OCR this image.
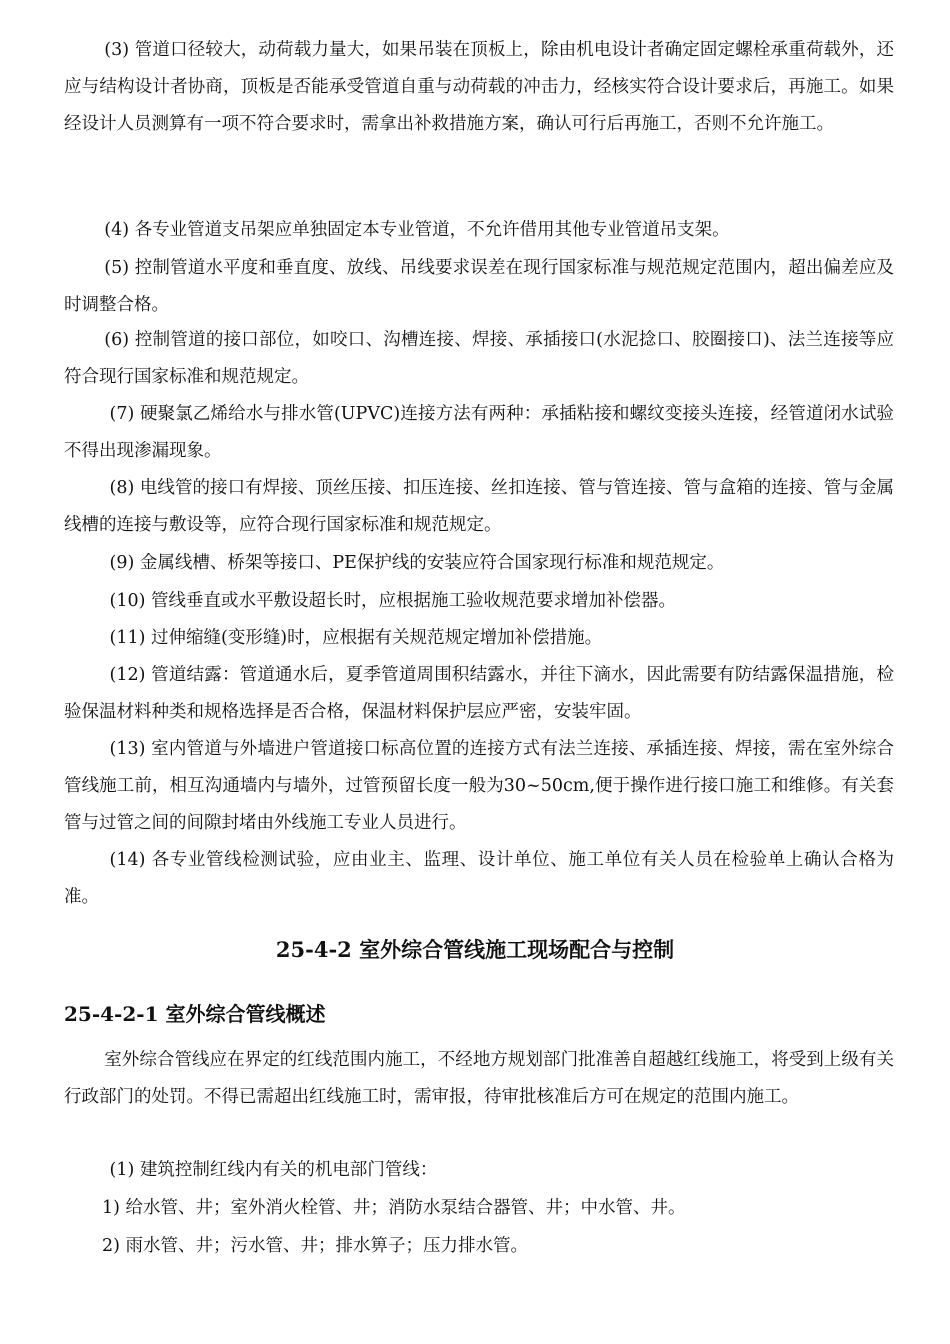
(3) 管道口径较大，动荷载力量大，如果吊装在顶板上，除由机电设计者确定固定螺栓承重荷载外，还应与结构设计者协商，顶板是否能承受管道自重与动荷载的冲击力，经核实符合设计要求后，再施工。如果经设计人员测算有一项不符合要求时，需拿出补救措施方案，确认可行后再施工，否则不允许施工。

(4) 各专业管道支吊架应单独固定本专业管道，不允许借用其他专业管道吊支架。

(5) 控制管道水平度和垂直度、放线、吊线要求误差在现行国家标准与规范规定范围内，超出偏差应及时调整合格。

(6) 控制管道的接口部位，如咬口、沟槽连接、焊接、承插接口(水泥捻口、胶圈接口)、法兰连接等应符合现行国家标准和规范规定。

(7) 硬聚氯乙烯给水与排水管(UPVC)连接方法有两种：承插粘接和螺纹变接头连接，经管道闭水试验不得出现渗漏现象。

(8) 电线管的接口有焊接、顶丝压接、扣压连接、丝扣连接、管与管连接、管与盒箱的连接、管与金属线槽的连接与敷设等，应符合现行国家标准和规范规定。

(9) 金属线槽、桥架等接口、PE保护线的安装应符合国家现行标准和规范规定。

(10) 管线垂直或水平敷设超长时，应根据施工验收规范要求增加补偿器。

(11) 过伸缩缝(变形缝)时，应根据有关规范规定增加补偿措施。

(12) 管道结露：管道通水后，夏季管道周围积结露水，并往下滴水，因此需要有防结露保温措施，检验保温材料种类和规格选择是否合格，保温材料保护层应严密，安装牢固。

(13) 室内管道与外墙进户管道接口标高位置的连接方式有法兰连接、承插连接、焊接，需在室外综合管线施工前，相互沟通墙内与墙外，过管预留长度一般为30~50cm,便于操作进行接口施工和维修。有关套管与过管之间的间隙封堵由外线施工专业人员进行。

(14) 各专业管线检测试验，应由业主、监理、设计单位、施工单位有关人员在检验单上确认合格为准。

25-4-2 室外综合管线施工现场配合与控制
25-4-2-1 室外综合管线概述

室外综合管线应在界定的红线范围内施工，不经地方规划部门批准善自超越红线施工，将受到上级有关行政部门的处罚。不得已需超出红线施工时，需审报，待审批核准后方可在规定的范围内施工。

(1) 建筑控制红线内有关的机电部门管线：

1) 给水管、井；室外消火栓管、井；消防水泵结合器管、井；中水管、井。

2) 雨水管、井；污水管、井；排水箅子；压力排水管。
